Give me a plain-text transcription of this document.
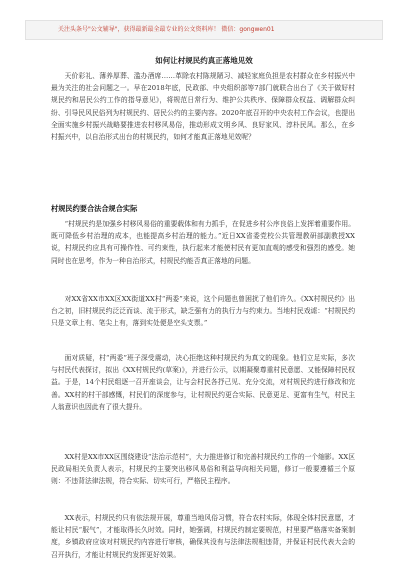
关注头条号"公文辅导"，获得最新最全最专业的公文资料库！ 微信：gongwen01
如何让村规民约真正落地见效

天价彩礼、薄养厚葬、滥办酒席……革除农村陈规陋习、减轻家庭负担是农村群众在乡村振兴中最为关注的社会问题之一。早在2018年底，民政部、中央组织部等7部门就联合出台了《关于做好村规民约和居民公约工作的指导意见》，将规范日常行为、维护公共秩序、保障群众权益、调解群众纠纷、引导民风民俗列为村规民约、居民公约的主要内容。2020年底召开的中央农村工作会议，也提出全面实施乡村振兴战略要推进农村移风易俗，推动形成文明乡风、良好家风、淳朴民风。那么，在乡村振兴中，以自治形式出台的村规民约，如何才能真正落地见效呢？

村规民约要合法合规合实际

“村规民约是加强乡村移风易俗的重要载体和有力抓手，在促进乡村公序良俗上发挥着重要作用。既可降低乡村治理的成本，也能提高乡村治理的能力。”近日XX省委党校公共管理教研部副教授XX说，村规民约应具有可操作性、可约束性，执行起来才能使村民有更加直观的感受和强烈的感受。她同时也在思考，作为一种自治形式，村规民约能否真正落地的问题。

对XX省XX市XX区XX街道XX村“两委”来说，这个问题也曾困扰了他们许久。《XX村规民约》出台之初，旧村规民约泛泛而谈、流于形式，缺乏强有力的执行力与约束力。当地村民戏谑：“村规民约只是文章上有、笔尖上有，落到实处便是空头支票。”

面对质疑，村“两委”班子深受震动，决心拒绝这种村规民约为真文的现象。他们立足实际，多次与村民代表探讨，拟出《XX村规民约(草案)》，并进行公示，以期凝聚尊重村民意愿、又能保障村民权益。于是，14个村民组逐一召开座谈会，让与会村民各抒己见、充分交流，对村规民约进行修改和完善。XX村的村干部感慨，村民们的深度参与，让村规民约更合实际、民意更足、更富有生气，村民主人翁意识也因此有了很大提升。

XX村是XX市XX区围绕建设“法治示范村”，大力推进修订和完善村规民约工作的一个缩影。XX区民政局相关负责人表示，村规民约主要突出移风易俗和利益导向相关问题，修订一般要遵循三个原则：不违背法律法规，符合实际、切实可行，严格民主程序。

XX表示，村规民约只有依法规开展，尊重当地风俗习惯，符合农村实际，体现全体村民意愿，才能让村民“服气”，才能取得长久时效。同时，她强调，村规民约制定要规范，村里要严格落实备案制度，乡镇政府应该对村规民约内容进行审核，确保其没有与法律法规相违背，并保证村民代表大会的召开执行，才能让村规民约发挥更好效果。
